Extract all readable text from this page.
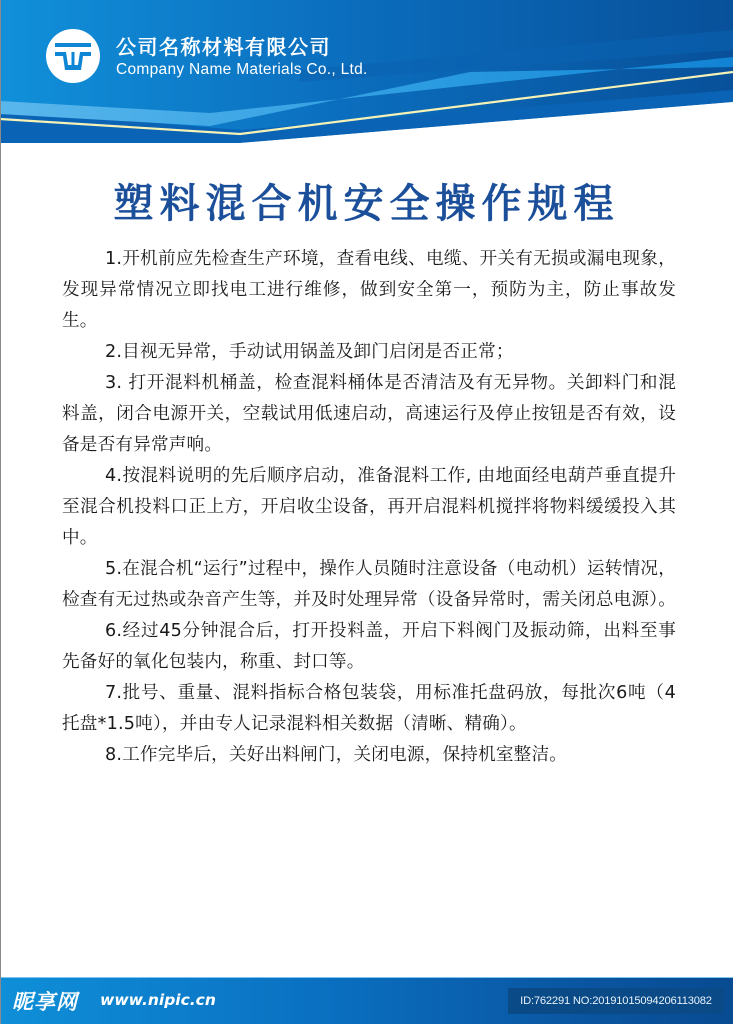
公司名称材料有限公司
Company Name Materials Co., Ltd.
塑料混合机安全操作规程

1.开机前应先检查生产环境，查看电线、电缆、开关有无损或漏电现象，发现异常情况立即找电工进行维修，做到安全第一，预防为主，防止事故发生。

2.目视无异常，手动试用锅盖及卸门启闭是否正常；

3. 打开混料机桶盖，检查混料桶体是否清洁及有无异物。关卸料门和混料盖，闭合电源开关，空载试用低速启动，高速运行及停止按钮是否有效，设备是否有异常声响。

4.按混料说明的先后顺序启动，准备混料工作, 由地面经电葫芦垂直提升至混合机投料口正上方，开启收尘设备，再开启混料机搅拌将物料缓缓投入其中。

5.在混合机“运行”过程中，操作人员随时注意设备（电动机）运转情况，检查有无过热或杂音产生等，并及时处理异常（设备异常时，需关闭总电源）。

6.经过45分钟混合后，打开投料盖，开启下料阀门及振动筛，出料至事先备好的氧化包装内，称重、封口等。

7.批号、重量、混料指标合格包装袋，用标准托盘码放，每批次6吨（4托盘*1.5吨），并由专人记录混料相关数据（清晰、精确）。

8.工作完毕后，关好出料闸门，关闭电源，保持机室整洁。

昵享网 www.nipic.cn	ID:762291 NO:20191015094206113082
